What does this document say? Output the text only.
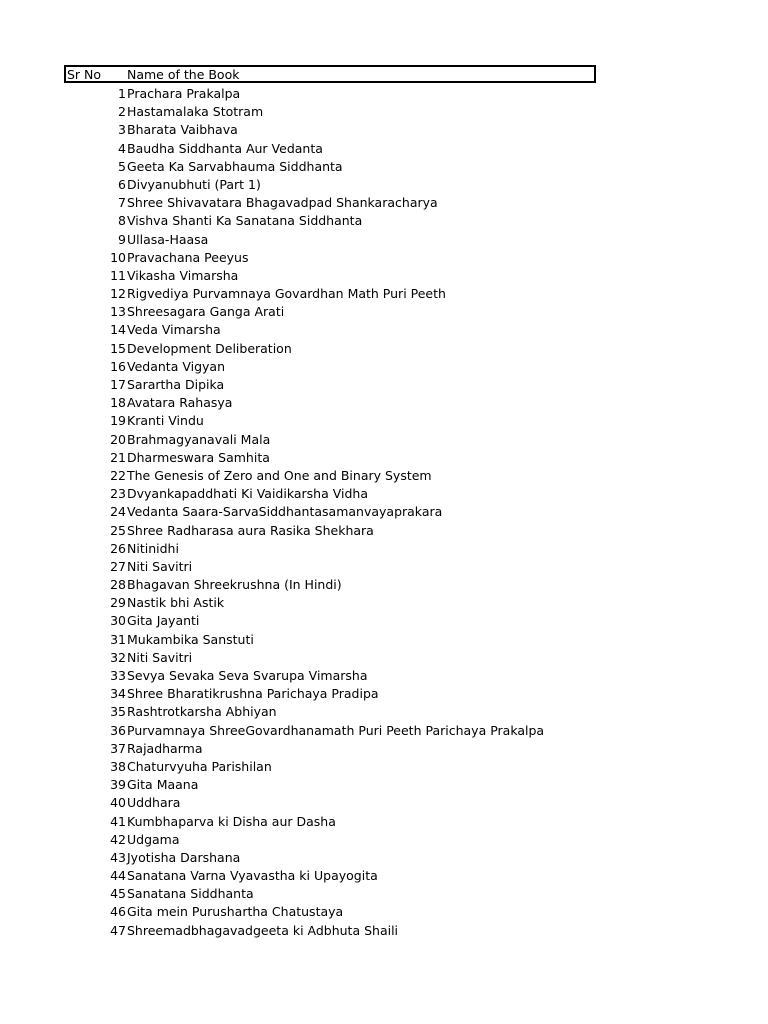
Sr No Name of the Book
1 Prachara Prakalpa
2 Hastamalaka Stotram
3 Bharata Vaibhava
4 Baudha Siddhanta Aur Vedanta
5 Geeta Ka Sarvabhauma Siddhanta
6 Divyanubhuti (Part 1)
7 Shree Shivavatara Bhagavadpad Shankaracharya
8 Vishva Shanti Ka Sanatana Siddhanta
9 Ullasa-Haasa
10 Pravachana Peeyus
11 Vikasha Vimarsha
12 Rigvediya Purvamnaya Govardhan Math Puri Peeth
13 Shreesagara Ganga Arati
14 Veda Vimarsha
15 Development Deliberation
16 Vedanta Vigyan
17 Sarartha Dipika
18 Avatara Rahasya
19 Kranti Vindu
20 Brahmagyanavali Mala
21 Dharmeswara Samhita
22 The Genesis of Zero and One and Binary System
23 Dvyankapaddhati Ki Vaidikarsha Vidha
24 Vedanta Saara-SarvaSiddhantasamanvayaprakara
25 Shree Radharasa aura Rasika Shekhara
26 Nitinidhi
27 Niti Savitri
28 Bhagavan Shreekrushna (In Hindi)
29 Nastik bhi Astik
30 Gita Jayanti
31 Mukambika Sanstuti
32 Niti Savitri
33 Sevya Sevaka Seva Svarupa Vimarsha
34 Shree Bharatikrushna Parichaya Pradipa
35 Rashtrotkarsha Abhiyan
36 Purvamnaya ShreeGovardhanamath Puri Peeth Parichaya Prakalpa
37 Rajadharma
38 Chaturvyuha Parishilan
39 Gita Maana
40 Uddhara
41 Kumbhaparva ki Disha aur Dasha
42 Udgama
43 Jyotisha Darshana
44 Sanatana Varna Vyavastha ki Upayogita
45 Sanatana Siddhanta
46 Gita mein Purushartha Chatustaya
47 Shreemadbhagavadgeeta ki Adbhuta Shaili
